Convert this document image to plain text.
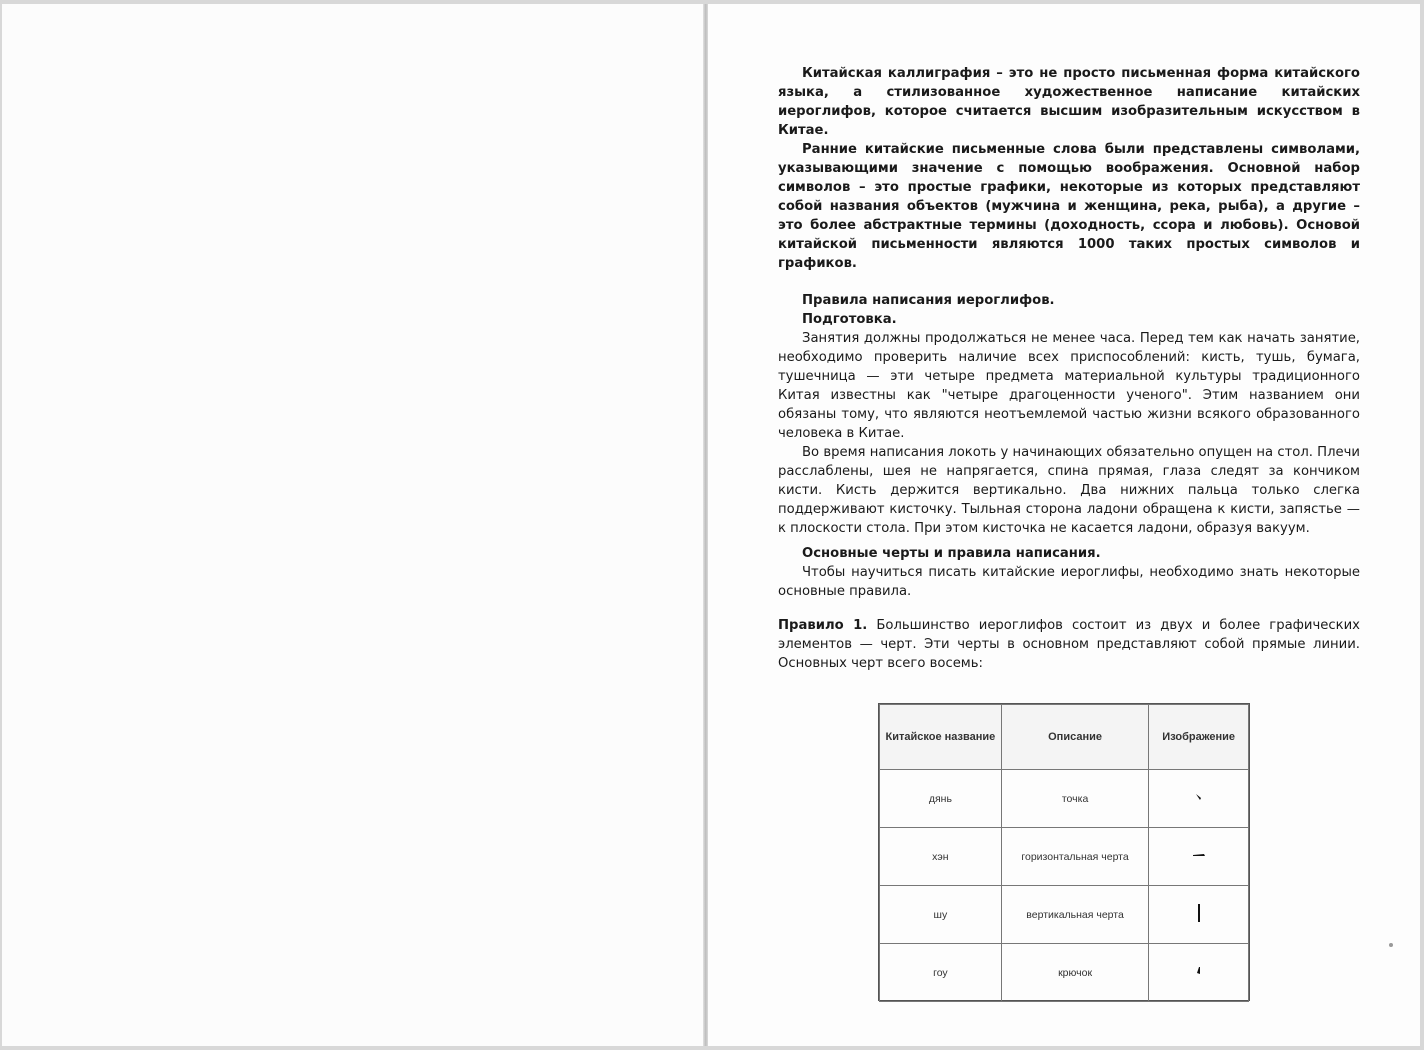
Китайская каллиграфия – это не просто письменная форма китайского языка, а стилизованное художественное написание китайских иероглифов, которое считается высшим изобразительным искусством в Китае.

Ранние китайские письменные слова были представлены символами, указывающими значение с помощью воображения. Основной набор символов – это простые графики, некоторые из которых представляют собой названия объектов (мужчина и женщина, река, рыба), а другие – это более абстрактные термины (доходность, ссора и любовь). Основой китайской письменности являются 1000 таких простых символов и графиков.

Правила написания иероглифов.

Подготовка.

Занятия должны продолжаться не менее часа. Перед тем как начать занятие, необходимо проверить наличие всех приспособлений: кисть, тушь, бумага, тушечница — эти четыре предмета материальной культуры традиционного Китая известны как "четыре драгоценности ученого". Этим названием они обязаны тому, что являются неотъемлемой частью жизни всякого образованного человека в Китае.

Во время написания локоть у начинающих обязательно опущен на стол. Плечи расслаблены, шея не напрягается, спина прямая, глаза следят за кончиком кисти. Кисть держится вертикально. Два нижних пальца только слегка поддерживают кисточку. Тыльная сторона ладони обращена к кисти, запястье — к плоскости стола. При этом кисточка не касается ладони, образуя вакуум.

Основные черты и правила написания.

Чтобы научиться писать китайские иероглифы, необходимо знать некоторые основные правила.

Правило 1. Большинство иероглифов состоит из двух и более графических элементов — черт. Эти черты в основном представляют собой прямые линии. Основных черт всего восемь:

Китайское название	Описание	Изображение
дянь	точка	
хэн	горизонтальная черта	
шу	вертикальная черта	
гоу	крючок	
